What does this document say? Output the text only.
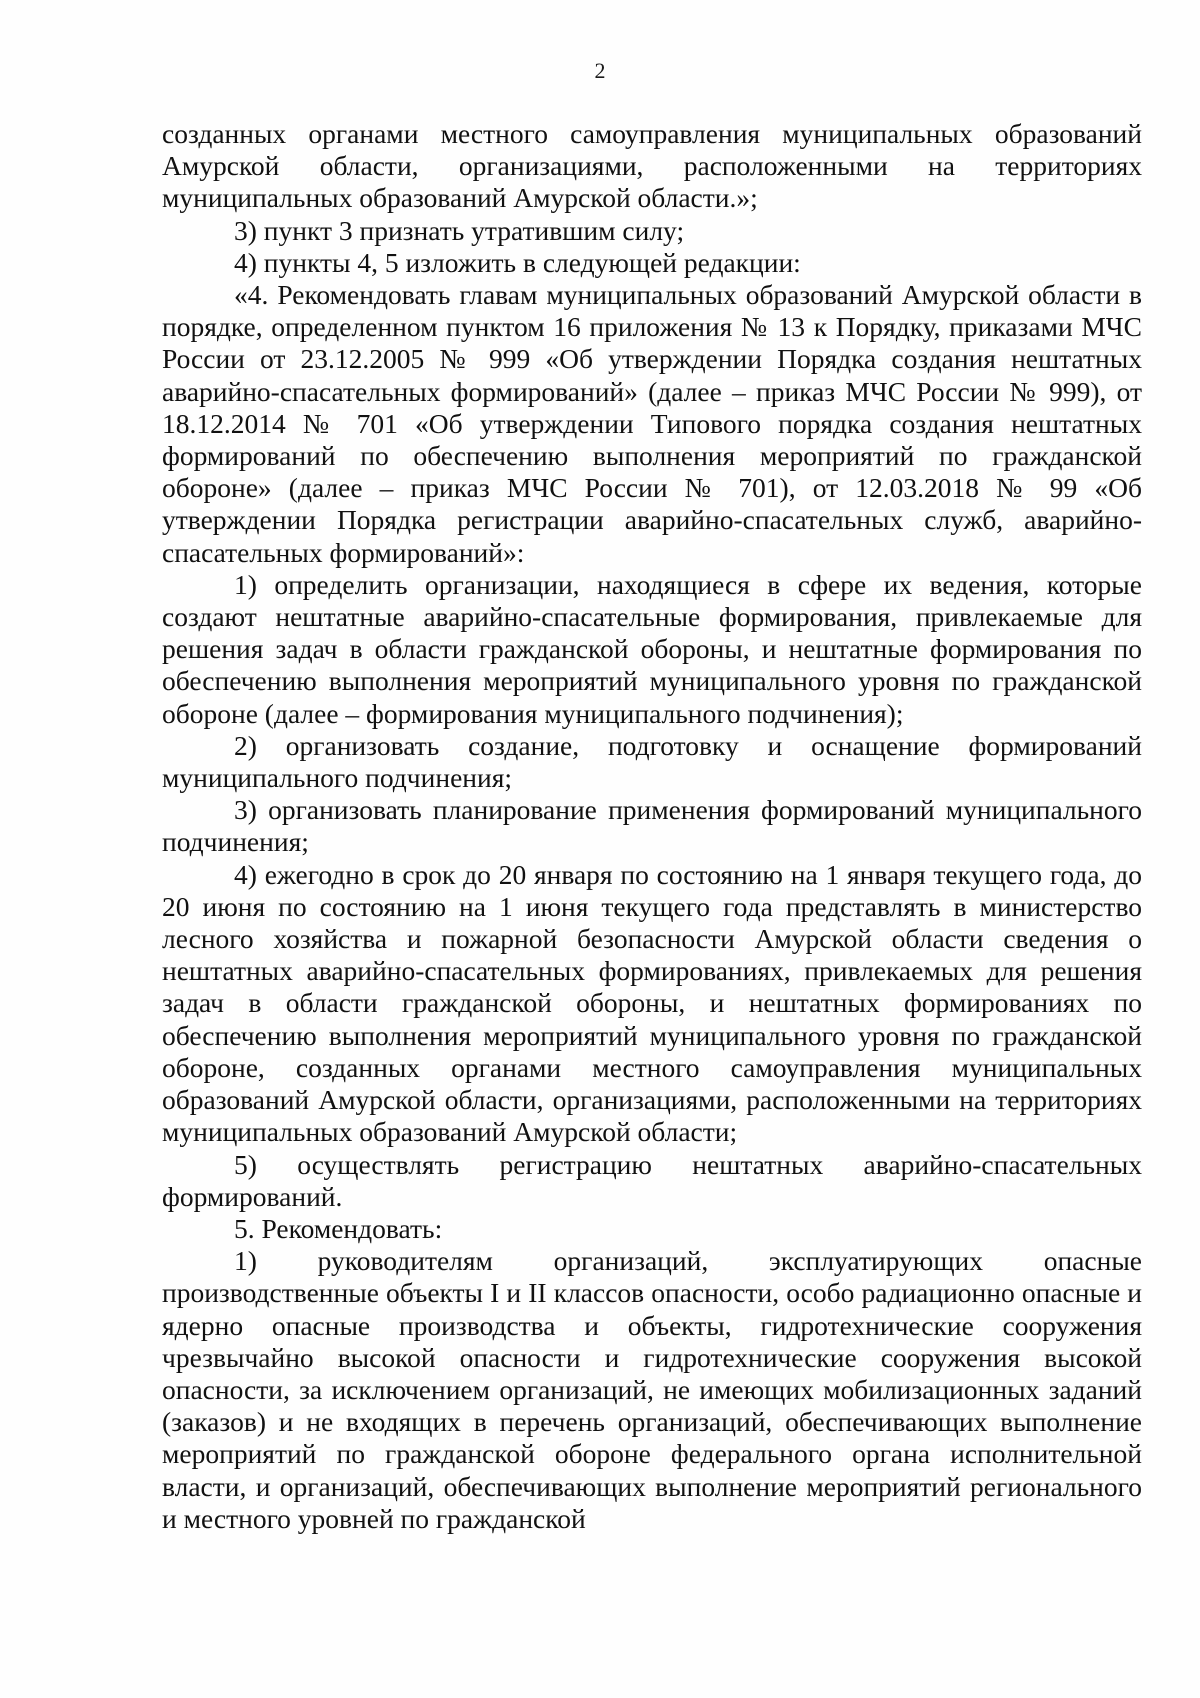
2

созданных органами местного самоуправления муниципальных образований Амурской области, организациями, расположенными на территориях муниципальных образований Амурской области.»;

3) пункт 3 признать утратившим силу;

4) пункты 4, 5 изложить в следующей редакции:

«4. Рекомендовать главам муниципальных образований Амурской области в порядке, определенном пунктом 16 приложения № 13 к Порядку, приказами МЧС России от 23.12.2005 № 999 «Об утверждении Порядка создания нештатных аварийно-спасательных формирований» (далее – приказ МЧС России № 999), от 18.12.2014 № 701 «Об утверждении Типового порядка создания нештатных формирований по обеспечению выполнения мероприятий по гражданской обороне» (далее – приказ МЧС России № 701), от 12.03.2018 № 99 «Об утверждении Порядка регистрации аварийно-спасательных служб, аварийно-спасательных формирований»:

1) определить организации, находящиеся в сфере их ведения, которые создают нештатные аварийно-спасательные формирования, привлекаемые для решения задач в области гражданской обороны, и нештатные формирования по обеспечению выполнения мероприятий муниципального уровня по гражданской обороне (далее – формирования муниципального подчинения);

2) организовать создание, подготовку и оснащение формирований муниципального подчинения;

3) организовать планирование применения формирований муниципального подчинения;

4) ежегодно в срок до 20 января по состоянию на 1 января текущего года, до 20 июня по состоянию на 1 июня текущего года представлять в министерство лесного хозяйства и пожарной безопасности Амурской области сведения о нештатных аварийно-спасательных формированиях, привлекаемых для решения задач в области гражданской обороны, и нештатных формированиях по обеспечению выполнения мероприятий муниципального уровня по гражданской обороне, созданных органами местного самоуправления муниципальных образований Амурской области, организациями, расположенными на территориях муниципальных образований Амурской области;

5) осуществлять регистрацию нештатных аварийно-спасательных формирований.

5. Рекомендовать:

1) руководителям организаций, эксплуатирующих опасные производственные объекты I и II классов опасности, особо радиационно опасные и ядерно опасные производства и объекты, гидротехнические сооружения чрезвычайно высокой опасности и гидротехнические сооружения высокой опасности, за исключением организаций, не имеющих мобилизационных заданий (заказов) и не входящих в перечень организаций, обеспечивающих выполнение мероприятий по гражданской обороне федерального органа исполнительной власти, и организаций, обеспечивающих выполнение мероприятий регионального и местного уровней по гражданской
